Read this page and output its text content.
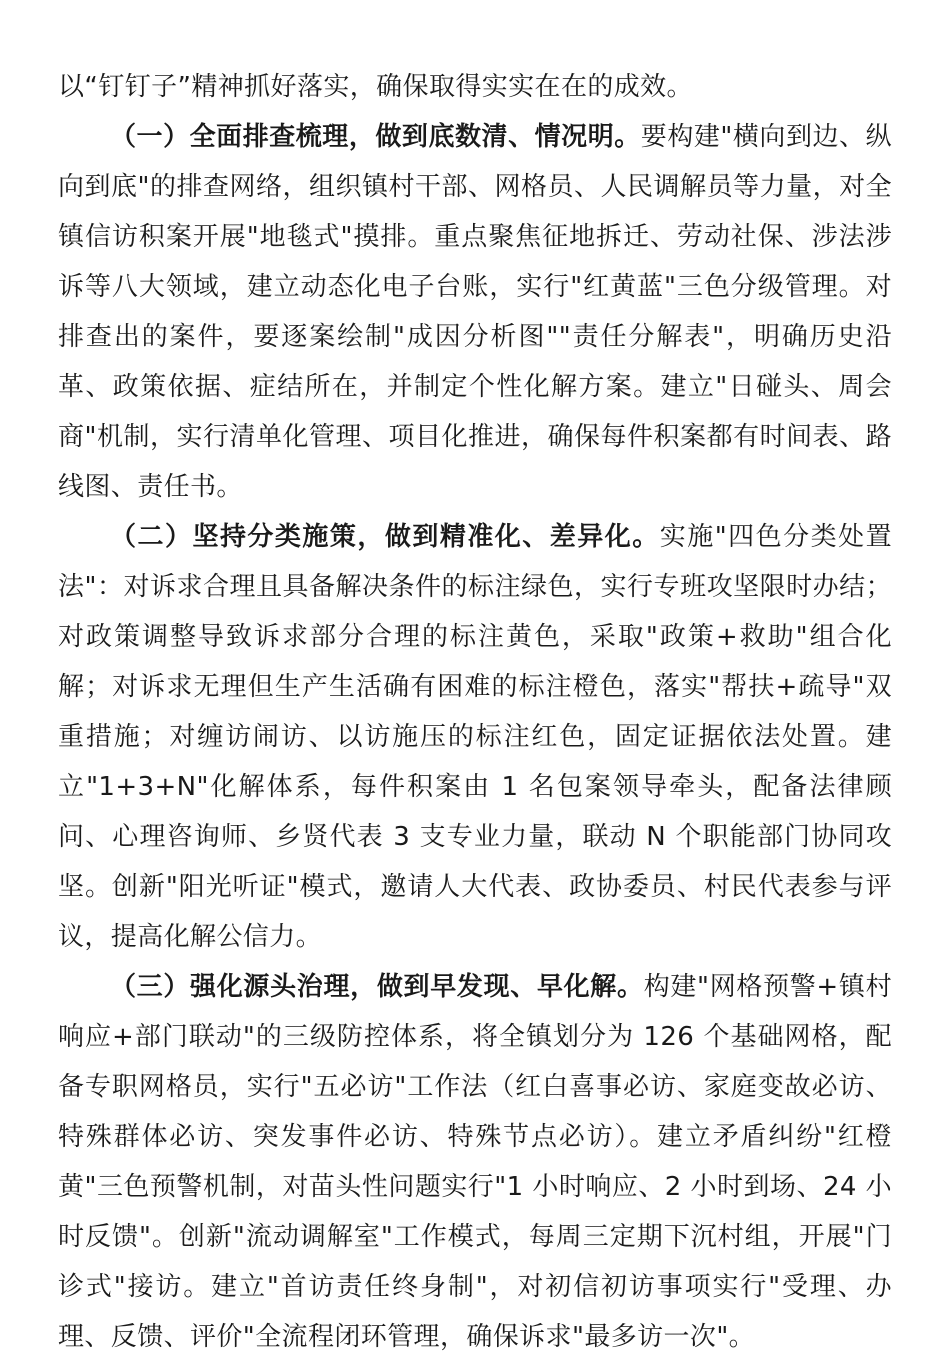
以“钉钉子”精神抓好落实，确保取得实实在在的成效。

（一）全面排查梳理，做到底数清、情况明。要构建"横向到边、纵向到底"的排查网络，组织镇村干部、网格员、人民调解员等力量，对全镇信访积案开展"地毯式"摸排。重点聚焦征地拆迁、劳动社保、涉法涉诉等八大领域，建立动态化电子台账，实行"红黄蓝"三色分级管理。对排查出的案件，要逐案绘制"成因分析图""责任分解表"，明确历史沿革、政策依据、症结所在，并制定个性化解方案。建立"日碰头、周会商"机制，实行清单化管理、项目化推进，确保每件积案都有时间表、路线图、责任书。

（二）坚持分类施策，做到精准化、差异化。实施"四色分类处置法"：对诉求合理且具备解决条件的标注绿色，实行专班攻坚限时办结；对政策调整导致诉求部分合理的标注黄色，采取"政策+救助"组合化解；对诉求无理但生产生活确有困难的标注橙色，落实"帮扶+疏导"双重措施；对缠访闹访、以访施压的标注红色，固定证据依法处置。建立"1+3+N"化解体系，每件积案由 1 名包案领导牵头，配备法律顾问、心理咨询师、乡贤代表 3 支专业力量，联动 N 个职能部门协同攻坚。创新"阳光听证"模式，邀请人大代表、政协委员、村民代表参与评议，提高化解公信力。

（三）强化源头治理，做到早发现、早化解。构建"网格预警+镇村响应+部门联动"的三级防控体系，将全镇划分为 126 个基础网格，配备专职网格员，实行"五必访"工作法（红白喜事必访、家庭变故必访、特殊群体必访、突发事件必访、特殊节点必访）。建立矛盾纠纷"红橙黄"三色预警机制，对苗头性问题实行"1 小时响应、2 小时到场、24 小时反馈"。创新"流动调解室"工作模式，每周三定期下沉村组，开展"门诊式"接访。建立"首访责任终身制"，对初信初访事项实行"受理、办理、反馈、评价"全流程闭环管理，确保诉求"最多访一次"。
